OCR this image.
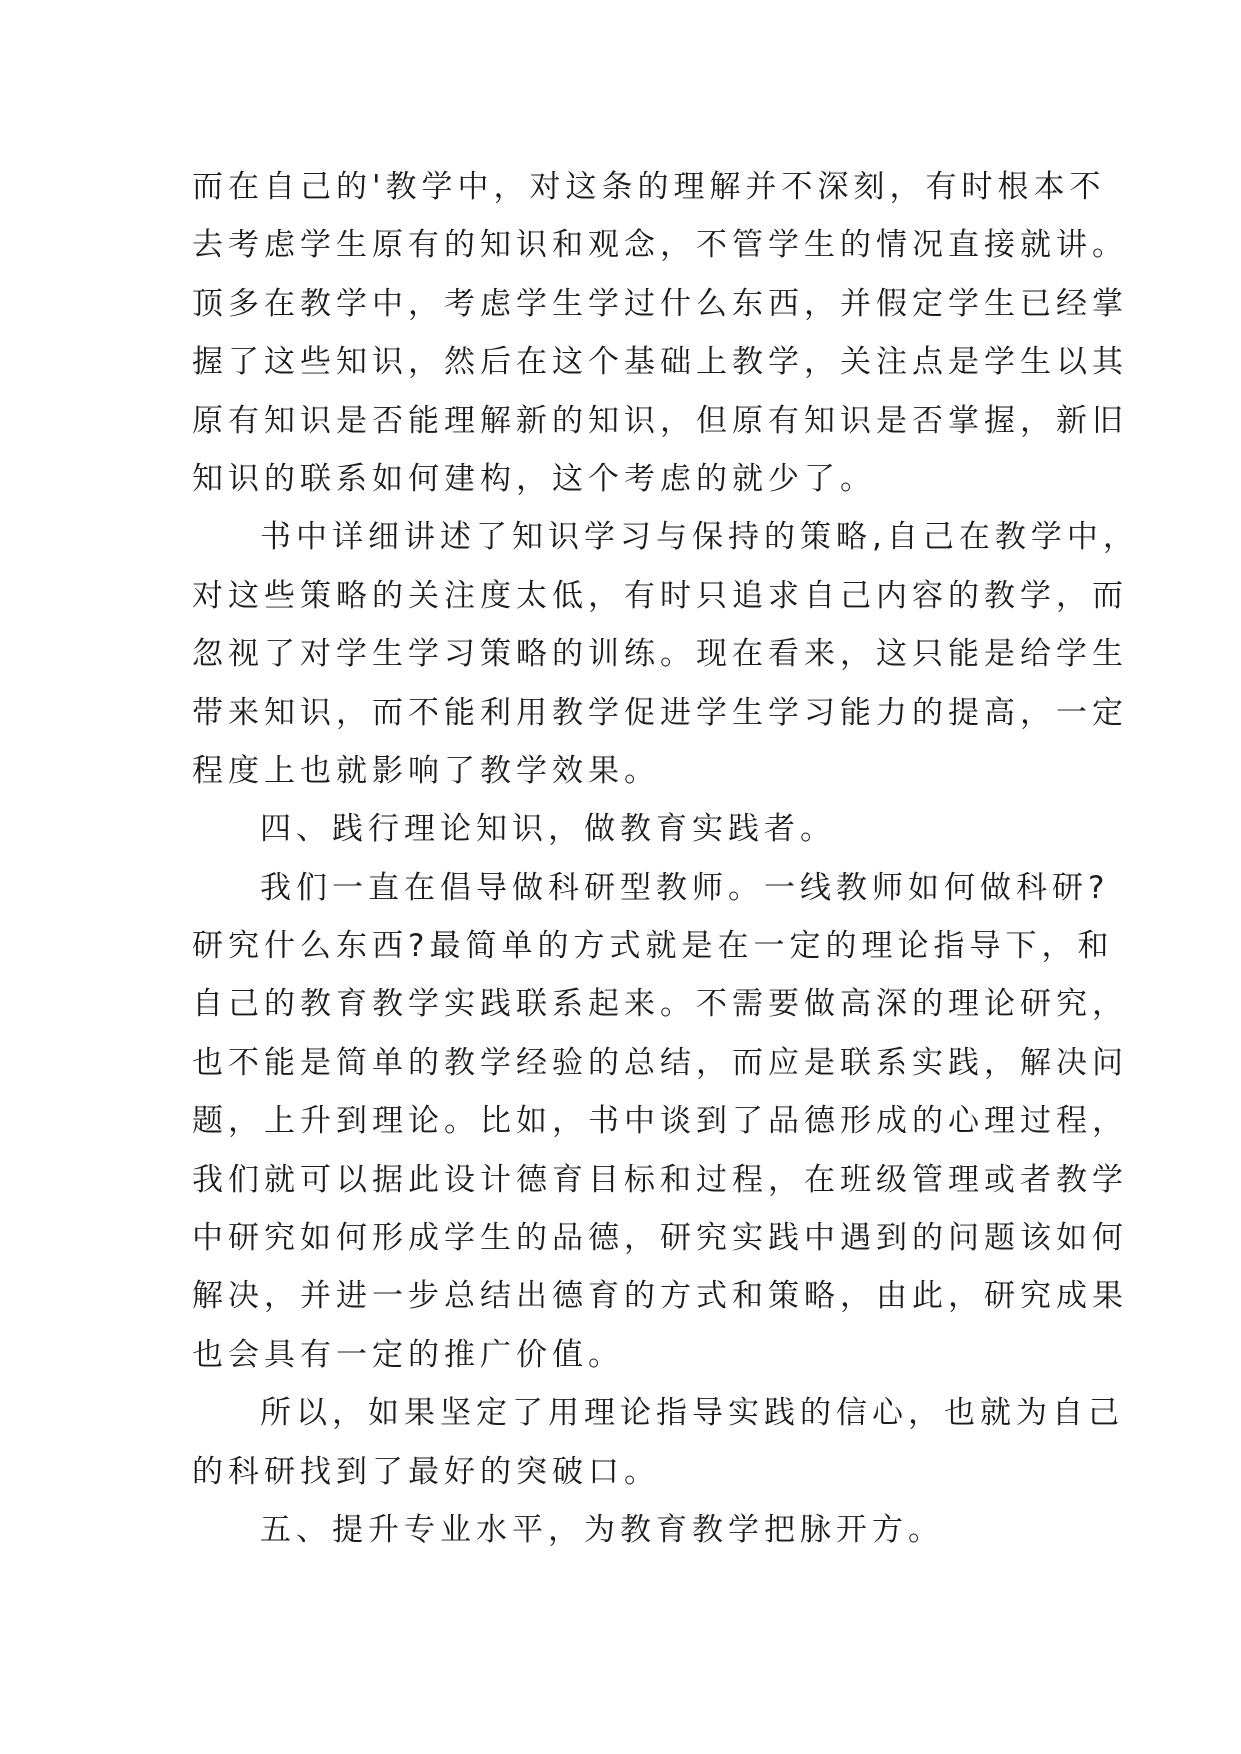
而在自己的'教学中，对这条的理解并不深刻，有时根本不
去考虑学生原有的知识和观念，不管学生的情况直接就讲。
顶多在教学中，考虑学生学过什么东西，并假定学生已经掌
握了这些知识，然后在这个基础上教学，关注点是学生以其
原有知识是否能理解新的知识，但原有知识是否掌握，新旧
知识的联系如何建构，这个考虑的就少了。
书中详细讲述了知识学习与保持的策略,自己在教学中，
对这些策略的关注度太低，有时只追求自己内容的教学，而
忽视了对学生学习策略的训练。现在看来，这只能是给学生
带来知识，而不能利用教学促进学生学习能力的提高，一定
程度上也就影响了教学效果。
四、践行理论知识，做教育实践者。
我们一直在倡导做科研型教师。一线教师如何做科研?
研究什么东西?最简单的方式就是在一定的理论指导下，和
自己的教育教学实践联系起来。不需要做高深的理论研究，
也不能是简单的教学经验的总结，而应是联系实践，解决问
题，上升到理论。比如，书中谈到了品德形成的心理过程，
我们就可以据此设计德育目标和过程，在班级管理或者教学
中研究如何形成学生的品德，研究实践中遇到的问题该如何
解决，并进一步总结出德育的方式和策略，由此，研究成果
也会具有一定的推广价值。
所以，如果坚定了用理论指导实践的信心，也就为自己
的科研找到了最好的突破口。
五、提升专业水平，为教育教学把脉开方。
